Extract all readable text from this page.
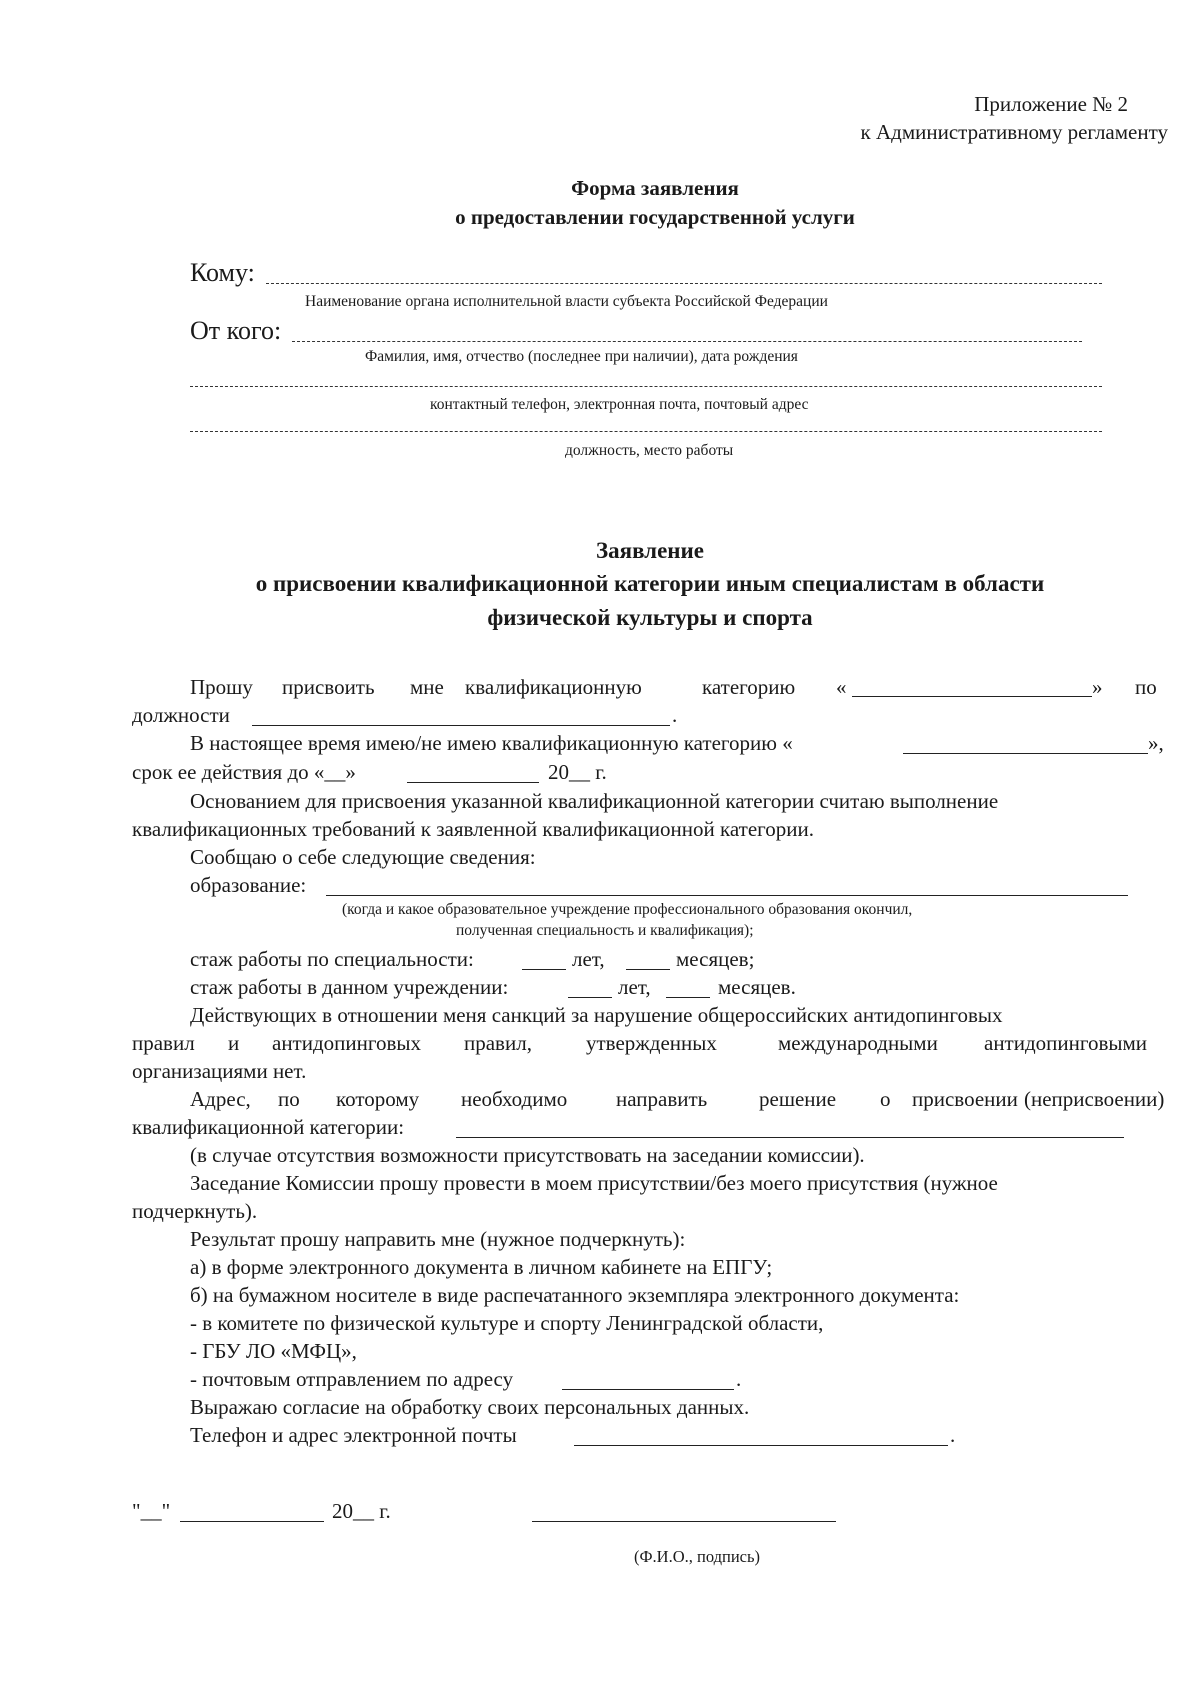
Приложение № 2
к Административному регламенту
Форма заявления
о предоставлении государственной услуги
Кому:
Наименование органа исполнительной власти субъекта Российской Федерации
От кого:
Фамилия, имя, отчество (последнее при наличии), дата рождения
контактный телефон, электронная почта, почтовый адрес
должность, место работы
Заявление
о присвоении квалификационной категории иным специалистам в области
физической культуры и спорта
Прошу присвоить мне квалификационную	категорию «	» по
должности	.
В настоящее время имею/не имею квалификационную категорию «	»,
срок ее действия до «__»	20__ г.
Основанием для присвоения указанной квалификационной категории считаю выполнение
квалификационных требований к заявленной квалификационной категории.
Сообщаю о себе следующие сведения:
образование:
(когда и какое образовательное учреждение профессионального образования окончил,
полученная специальность и квалификация);
стаж работы по специальности:	лет,	месяцев;
стаж работы в данном учреждении:	лет,	месяцев.
Действующих в отношении меня санкций за нарушение общероссийских антидопинговых
правил и антидопинговых правил,	утвержденных	международными антидопинговыми
организациями нет.
Адрес, по которому необходимо направить решение о присвоении (неприсвоении)
квалификационной категории:
(в случае отсутствия возможности присутствовать на заседании комиссии).
Заседание Комиссии прошу провести в моем присутствии/без моего присутствия (нужное
подчеркнуть).
Результат прошу направить мне (нужное подчеркнуть):
а) в форме электронного документа в личном кабинете на ЕПГУ;
б) на бумажном носителе в виде распечатанного экземпляра электронного документа:
- в комитете по физической культуре и спорту Ленинградской области,
- ГБУ ЛО «МФЦ»,
- почтовым отправлением по адресу	.
Выражаю согласие на обработку своих персональных данных.
Телефон и адрес электронной почты	.
"__"	20__ г.
(Ф.И.О., подпись)
